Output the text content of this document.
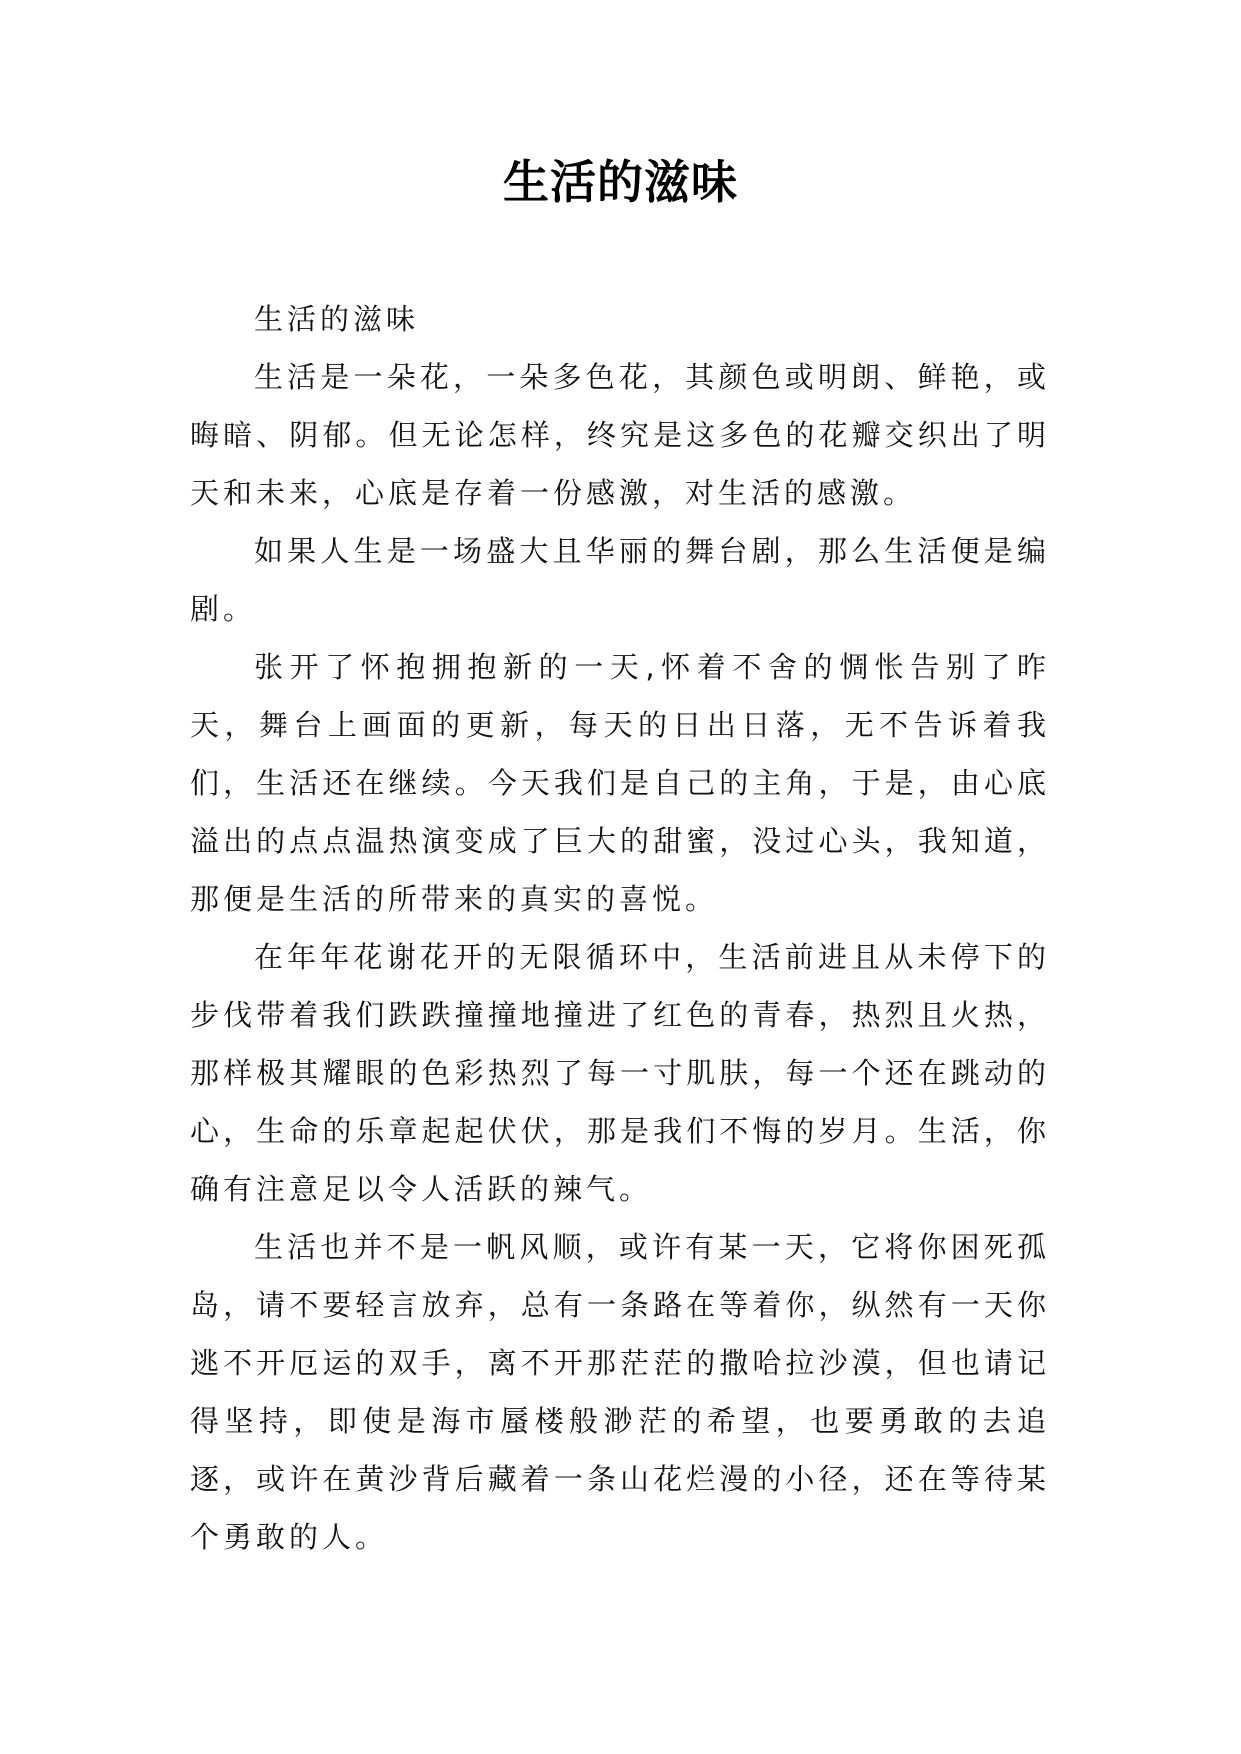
生活的滋味

生活的滋味

生活是一朵花，一朵多色花，其颜色或明朗、鲜艳，或晦暗、阴郁。但无论怎样，终究是这多色的花瓣交织出了明天和未来，心底是存着一份感激，对生活的感激。

如果人生是一场盛大且华丽的舞台剧，那么生活便是编剧。

张开了怀抱拥抱新的一天,怀着不舍的惆怅告别了昨天，舞台上画面的更新，每天的日出日落，无不告诉着我们，生活还在继续。今天我们是自己的主角，于是，由心底溢出的点点温热演变成了巨大的甜蜜，没过心头，我知道，那便是生活的所带来的真实的喜悦。

在年年花谢花开的无限循环中，生活前进且从未停下的步伐带着我们跌跌撞撞地撞进了红色的青春，热烈且火热，那样极其耀眼的色彩热烈了每一寸肌肤，每一个还在跳动的心，生命的乐章起起伏伏，那是我们不悔的岁月。生活，你确有注意足以令人活跃的辣气。

生活也并不是一帆风顺，或许有某一天，它将你困死孤岛，请不要轻言放弃，总有一条路在等着你，纵然有一天你逃不开厄运的双手，离不开那茫茫的撒哈拉沙漠，但也请记得坚持，即使是海市蜃楼般渺茫的希望，也要勇敢的去追逐，或许在黄沙背后藏着一条山花烂漫的小径，还在等待某个勇敢的人。
